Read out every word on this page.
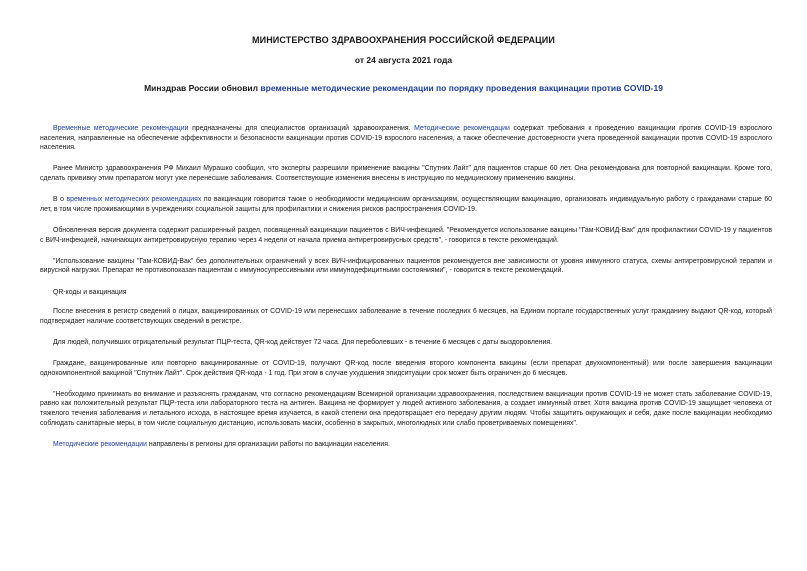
МИНИСТЕРСТВО ЗДРАВООХРАНЕНИЯ РОССИЙСКОЙ ФЕДЕРАЦИИ
от 24 августа 2021 года
Минздрав России обновил временные методические рекомендации по порядку проведения вакцинации против COVID-19

Временные методические рекомендации предназначены для специалистов организаций здравоохранения. Методические рекомендации содержат требования к проведению вакцинации против COVID-19 взрослого населения, направленные на обеспечение эффективности и безопасности вакцинации против COVID-19 взрослого населения, а также обеспечение достоверности учета проведенной вакцинации против COVID-19 взрослого населения.

Ранее Министр здравоохранения РФ Михаил Мурашко сообщил, что эксперты разрешили применение вакцины "Спутник Лайт" для пациентов старше 60 лет. Она рекомендована для повторной вакцинации. Кроме того, сделать прививку этим препаратом могут уже перенесшие заболевания. Соответствующие изменения внесены в инструкцию по медицинскому применению вакцины.

В о временных методических рекомендациях по вакцинации говорится также о необходимости медицинским организациям, осуществляющим вакцинацию, организовать индивидуальную работу с гражданами старше 60 лет, в том числе проживающими в учреждениях социальной защиты для профилактики и снижения рисков распространения COVID-19.

Обновленная версия документа содержит расширенный раздел, посвященный вакцинации пациентов с ВИЧ-инфекцией. "Рекомендуется использование вакцины "Гам-КОВИД-Вак" для профилактики COVID-19 у пациентов с ВИЧ-инфекцией, начинающих антиретровирусную терапию через 4 недели от начала приема антиретровирусных средств", - говорится в тексте рекомендаций.

"Использование вакцины "Гам-КОВИД-Вак" без дополнительных ограничений у всех ВИЧ-инфицированных пациентов рекомендуется вне зависимости от уровня иммунного статуса, схемы антиретровирусной терапии и вирусной нагрузки. Препарат не противопоказан пациентам с иммуносупрессивными или иммунодефицитными состояниями", - говорится в тексте рекомендаций.

QR-коды и вакцинация

После внесения в регистр сведений о лицах, вакцинированных от COVID-19 или перенесших заболевание в течение последних 6 месяцев, на Едином портале государственных услуг гражданину выдают QR-код, который подтверждает наличие соответствующих сведений в регистре.

Для людей, получивших отрицательный результат ПЦР-теста, QR-код действует 72 часа. Для переболевших - в течение 6 месяцев с даты выздоровления.

Граждане, вакцинированные или повторно вакцинированные от COVID-19, получают QR-код после введения второго компонента вакцины (если препарат двухкомпонентный) или после завершения вакцинации однокомпонентной вакциной "Спутник Лайт". Срок действия QR-кода - 1 год. При этом в случае ухудшения эпидситуации срок может быть ограничен до 6 месяцев.

"Необходимо принимать во внимание и разъяснять гражданам, что согласно рекомендациям Всемирной организации здравоохранения, последствием вакцинации против COVID-19 не может стать заболевание COVID-19, равно как положительный результат ПЦР-теста или лабораторного теста на антиген. Вакцина не формирует у людей активного заболевания, а создает иммунный ответ. Хотя вакцина против COVID-19 защищает человека от тяжелого течения заболевания и летального исхода, в настоящее время изучается, в какой степени она предотвращает его передачу другим людям. Чтобы защитить окружающих и себя, даже после вакцинации необходимо соблюдать санитарные меры, в том числе социальную дистанцию, использовать маски, особенно в закрытых, многолюдных или слабо проветриваемых помещениях".

Методические рекомендации направлены в регионы для организации работы по вакцинации населения.
